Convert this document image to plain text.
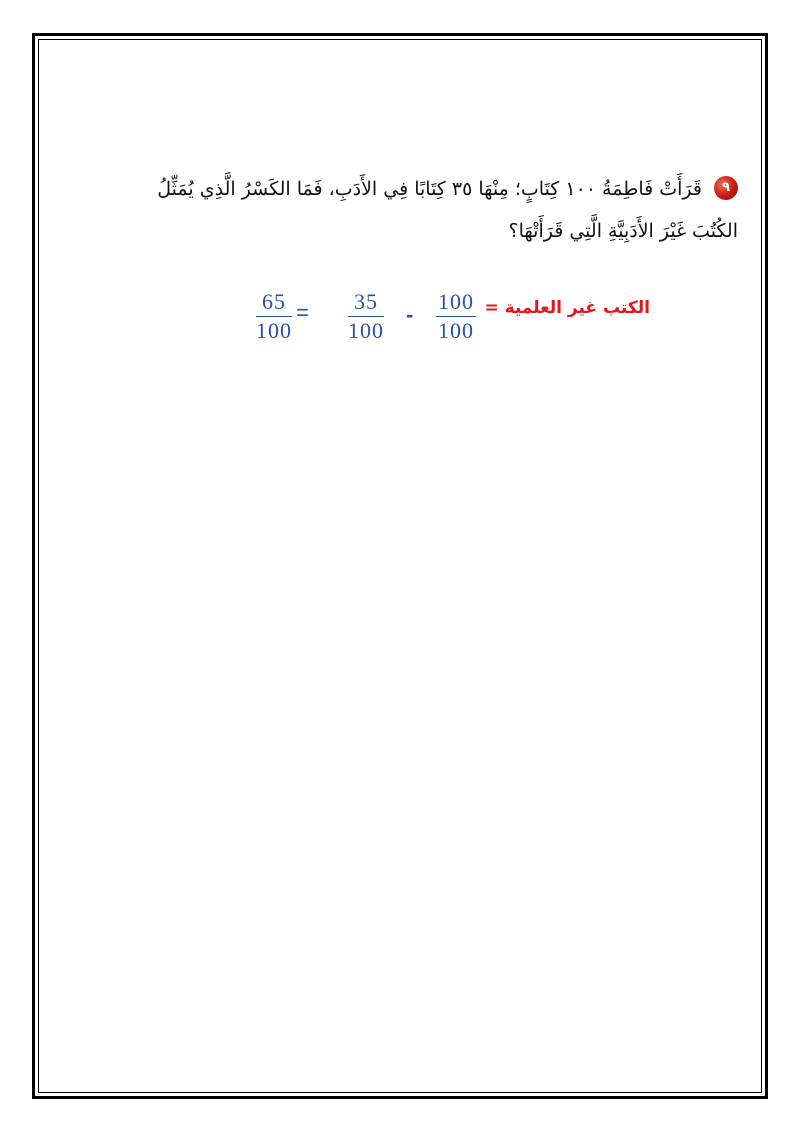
٩قَرَأَتْ فَاطِمَةُ ١٠٠ كِتَابٍ؛ مِنْهَا ٣٥ كِتَابًا فِي الأَدَبِ، فَمَا الكَسْرُ الَّذِي يُمَثِّلُ الكُتُبَ غَيْرَ الأَدَبِيَّةِ الَّتِي قَرَأَتْهَا؟
الكتب غير العلمية =
$\frac{100}{100}$
-
$\frac{35}{100}$
=
$\frac{65}{100}$
